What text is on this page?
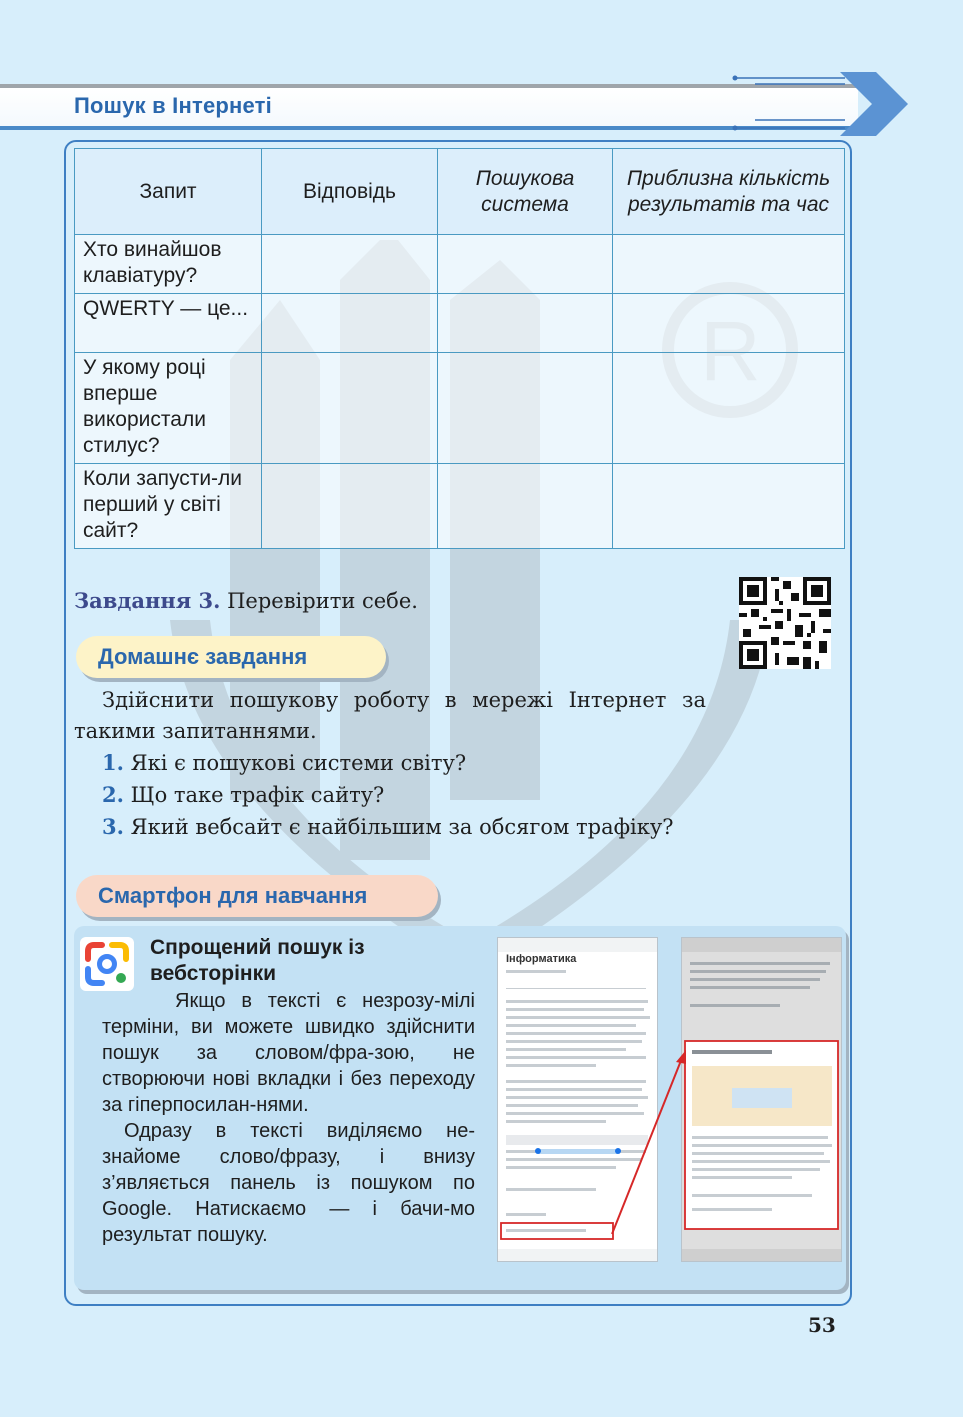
Пошук в Інтернеті
Запит	Відповідь	Пошукова система	Приблизна кількість результатів та час
Хто винайшов клавіатуру?			
QWERTY — це...			
У якому році вперше використали стилус?			
Коли запусти-ли перший у світі сайт?			
Завдання 3. Перевірити себе.
Домашнє завдання

Здійснити пошукову роботу в мережі Інтернет за такими запитаннями.

1. Які є пошукові системи світу?
2. Що таке трафік сайту?
3. Який вебсайт є найбільшим за обсягом трафіку?
Смартфон для навчання
Спрощений пошук із вебсторінки

Якщо в тексті є незрозу-мілі терміни, ви можете швидко здійснити пошук за словом/фра-зою, не створюючи нові вкладки і без переходу за гіперпосилан-нями.

Одразу в тексті виділяємо не-знайоме слово/фразу, і внизу з’являється панель із пошуком по Google. Натискаємо — і бачи-мо результат пошуку.

Інформатика
53
